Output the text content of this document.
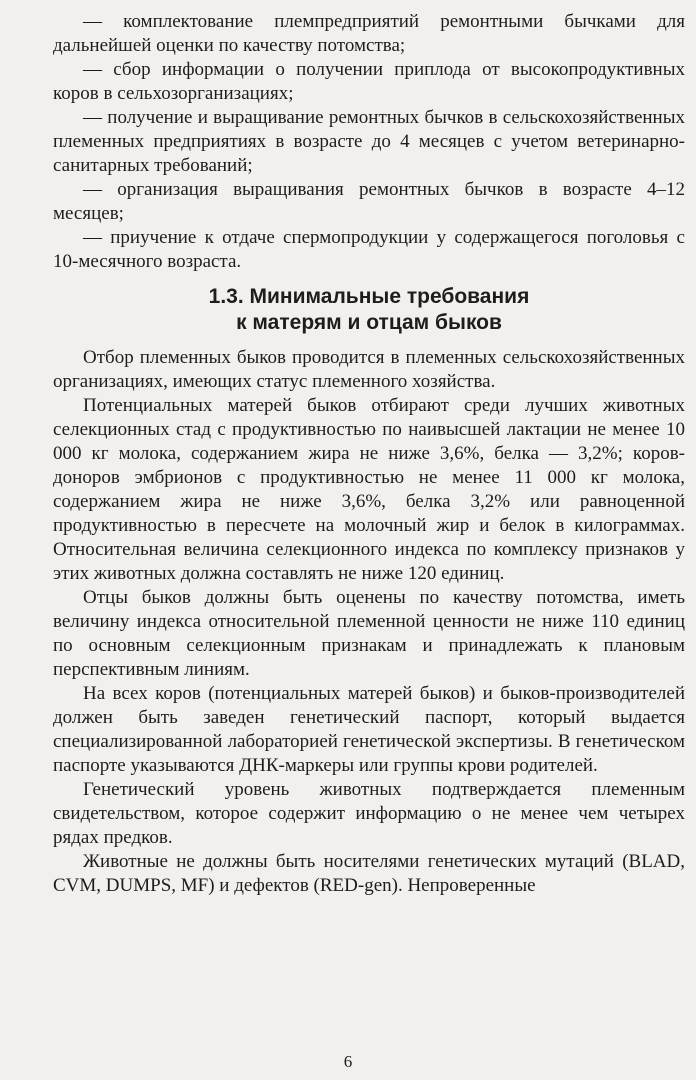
— комплектование племпредприятий ремонтными бычками для дальнейшей оценки по качеству потомства;

— сбор информации о получении приплода от высокопродуктивных коров в сельхозорганизациях;

— получение и выращивание ремонтных бычков в сельскохозяйственных племенных предприятиях в возрасте до 4 месяцев с учетом ветеринарно-санитарных требований;

— организация выращивания ремонтных бычков в возрасте 4–12 месяцев;

— приучение к отдаче спермопродукции у содержащегося поголовья с 10-месячного возраста.

1.3. Минимальные требования
к матерям и отцам быков

Отбор племенных быков проводится в племенных сельскохозяйственных организациях, имеющих статус племенного хозяйства.

Потенциальных матерей быков отбирают среди лучших животных селекционных стад с продуктивностью по наивысшей лактации не менее 10 000 кг молока, содержанием жира не ниже 3,6%, белка — 3,2%; коров-доноров эмбрионов с продуктивностью не менее 11 000 кг молока, содержанием жира не ниже 3,6%, белка 3,2% или равноценной продуктивностью в пересчете на молочный жир и белок в килограммах. Относительная величина селекционного индекса по комплексу признаков у этих животных должна составлять не ниже 120 единиц.

Отцы быков должны быть оценены по качеству потомства, иметь величину индекса относительной племенной ценности не ниже 110 единиц по основным селекционным признакам и принадлежать к плановым перспективным линиям.

На всех коров (потенциальных матерей быков) и быков-производителей должен быть заведен генетический паспорт, который выдается специализированной лабораторией генетической экспертизы. В генетическом паспорте указываются ДНК-маркеры или группы крови родителей.

Генетический уровень животных подтверждается племенным свидетельством, которое содержит информацию о не менее чем четырех рядах предков.

Животные не должны быть носителями генетических мутаций (BLAD, CVM, DUMPS, MF) и дефектов (RED-gen). Непроверенные

6
